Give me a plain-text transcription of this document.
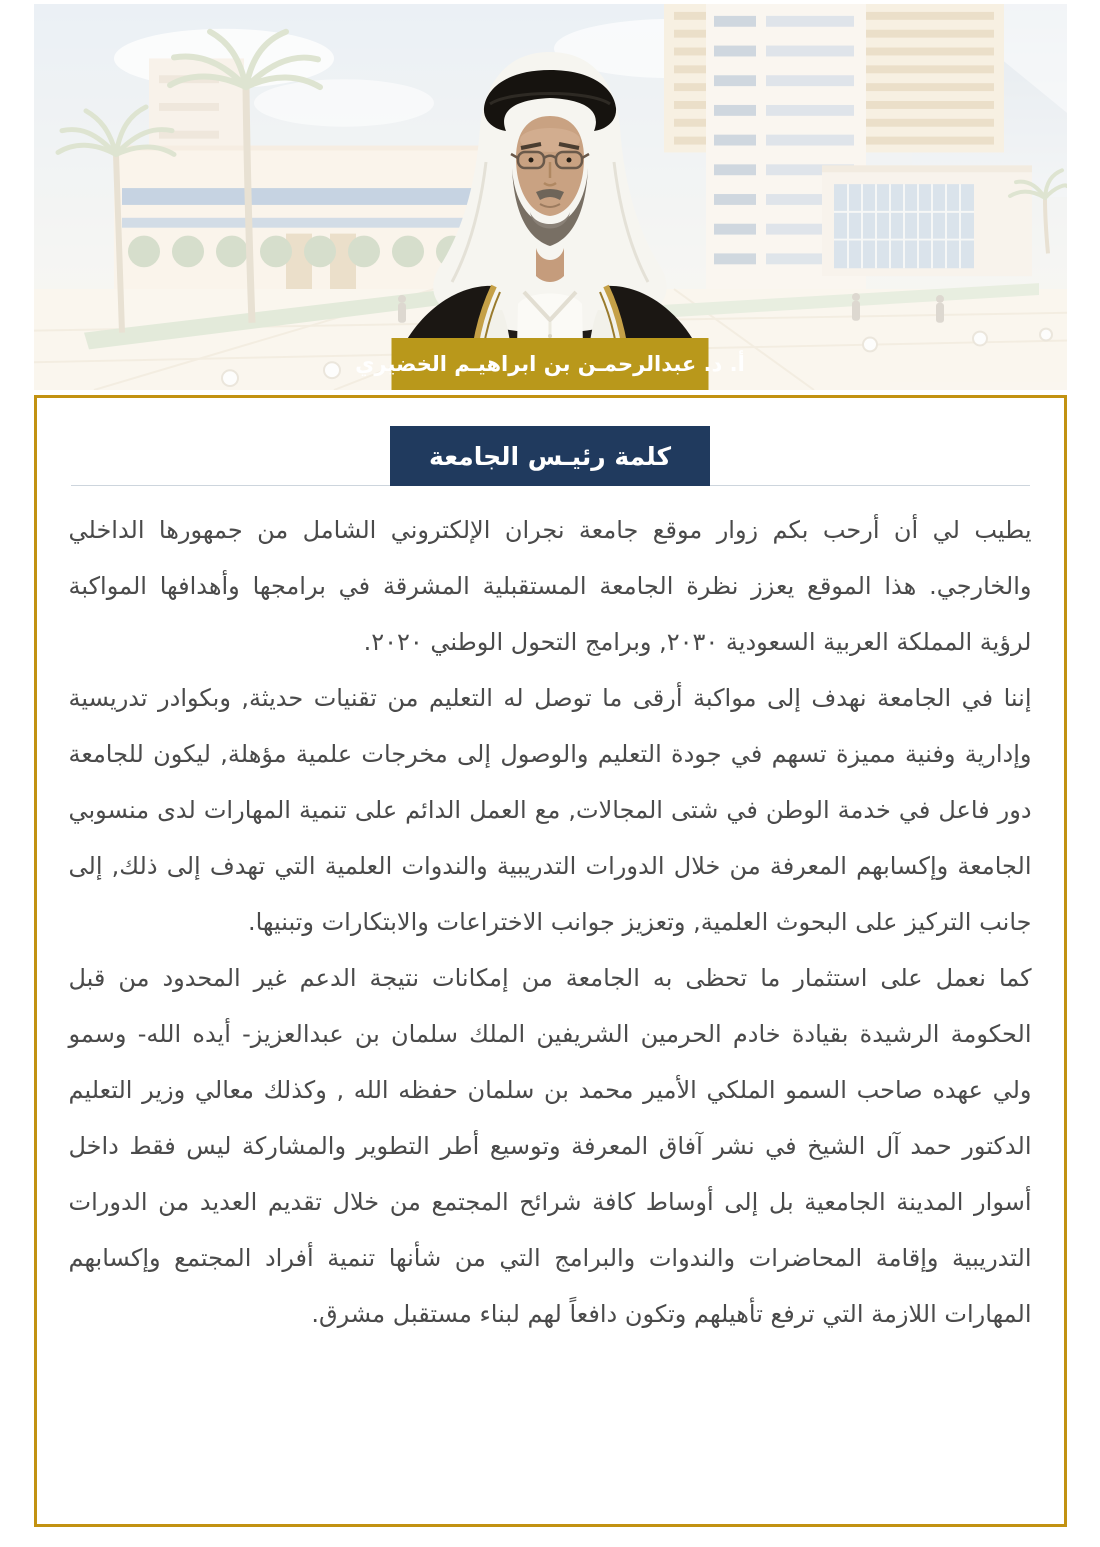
أ. د. عبدالرحمـن بن ابراهيـم الخضيري
كلمة رئيـس الجامعة

يطيب لي أن أرحب بكم زوار موقع جامعة نجران الإلكتروني الشامل من جمهورها الداخلي والخارجي. هذا الموقع يعزز نظرة الجامعة المستقبلية المشرقة في برامجها وأهدافها المواكبة لرؤية المملكة العربية السعودية ٢٠٣٠, وبرامج التحول الوطني ٢٠٢٠.

إننا في الجامعة نهدف إلى مواكبة أرقى ما توصل له التعليم من تقنيات حديثة, وبكوادر تدريسية وإدارية وفنية مميزة تسهم في جودة التعليم والوصول إلى مخرجات علمية مؤهلة, ليكون للجامعة دور فاعل في خدمة الوطن في شتى المجالات, مع العمل الدائم على تنمية المهارات لدى منسوبي الجامعة وإكسابهم المعرفة من خلال الدورات التدريبية والندوات العلمية التي تهدف إلى ذلك, إلى جانب التركيز على البحوث العلمية, وتعزيز جوانب الاختراعات والابتكارات وتبنيها.

كما نعمل على استثمار ما تحظى به الجامعة من إمكانات نتيجة الدعم غير المحدود من قبل الحكومة الرشيدة بقيادة خادم الحرمين الشريفين الملك سلمان بن عبدالعزيز- أيده الله- وسمو ولي عهده صاحب السمو الملكي الأمير محمد بن سلمان حفظه الله , وكذلك معالي وزير التعليم الدكتور حمد آل الشيخ في نشر آفاق المعرفة وتوسيع أطر التطوير والمشاركة ليس فقط داخل أسوار المدينة الجامعية بل إلى أوساط كافة شرائح المجتمع من خلال تقديم العديد من الدورات التدريبية وإقامة المحاضرات والندوات والبرامج التي من شأنها تنمية أفراد المجتمع وإكسابهم المهارات اللازمة التي ترفع تأهيلهم وتكون دافعاً لهم لبناء مستقبل مشرق.
